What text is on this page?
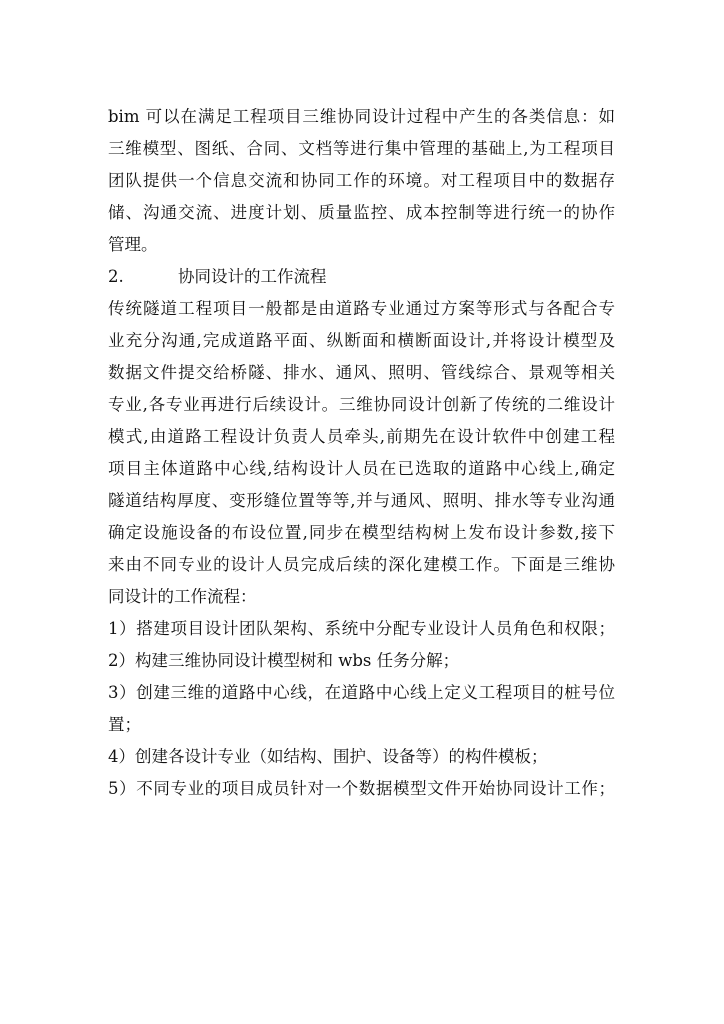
bim 可以在满足工程项目三维协同设计过程中产生的各类信息：如
三维模型、图纸、合同、文档等进行集中管理的基础上,为工程项目
团队提供一个信息交流和协同工作的环境。对工程项目中的数据存
储、沟通交流、进度计划、质量监控、成本控制等进行统一的协作
管理。
2.	协同设计的工作流程
传统隧道工程项目一般都是由道路专业通过方案等形式与各配合专
业充分沟通,完成道路平面、纵断面和横断面设计,并将设计模型及
数据文件提交给桥隧、排水、通风、照明、管线综合、景观等相关
专业,各专业再进行后续设计。三维协同设计创新了传统的二维设计
模式,由道路工程设计负责人员牵头,前期先在设计软件中创建工程
项目主体道路中心线,结构设计人员在已选取的道路中心线上,确定
隧道结构厚度、变形缝位置等等,并与通风、照明、排水等专业沟通
确定设施设备的布设位置,同步在模型结构树上发布设计参数,接下
来由不同专业的设计人员完成后续的深化建模工作。下面是三维协
同设计的工作流程：
1）搭建项目设计团队架构、系统中分配专业设计人员角色和权限；
2）构建三维协同设计模型树和 wbs 任务分解；
3）创建三维的道路中心线，在道路中心线上定义工程项目的桩号位
置；
4）创建各设计专业（如结构、围护、设备等）的构件模板；
5）不同专业的项目成员针对一个数据模型文件开始协同设计工作；
